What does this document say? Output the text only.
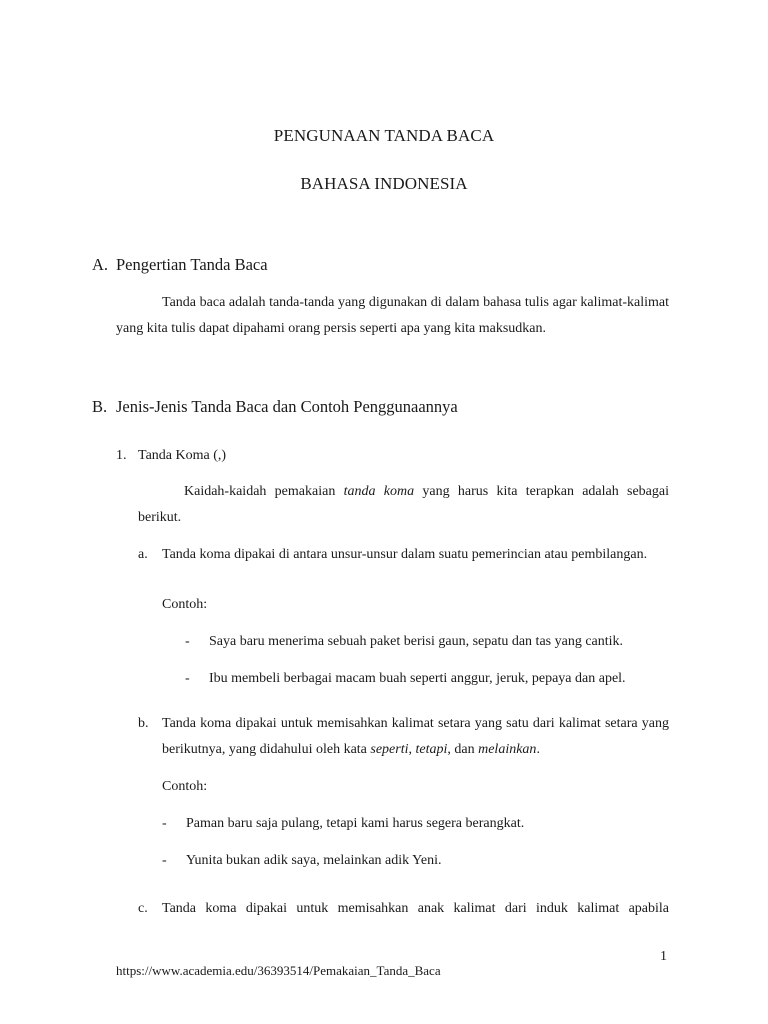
PENGUNAAN TANDA BACA
BAHASA INDONESIA
A. Pengertian Tanda Baca

Tanda baca adalah tanda-tanda yang digunakan di dalam bahasa tulis agar kalimat-kalimat yang kita tulis dapat dipahami orang persis seperti apa yang kita maksudkan.

B. Jenis-Jenis Tanda Baca dan Contoh Penggunaannya
1. Tanda Koma (,)

Kaidah-kaidah pemakaian tanda koma yang harus kita terapkan adalah sebagai berikut.

a. Tanda koma dipakai di antara unsur-unsur dalam suatu pemerincian atau pembilangan.
Contoh:
- Saya baru menerima sebuah paket berisi gaun, sepatu dan tas yang cantik.
- Ibu membeli berbagai macam buah seperti anggur, jeruk, pepaya dan apel.
b. Tanda koma dipakai untuk memisahkan kalimat setara yang satu dari kalimat setara yang berikutnya, yang didahului oleh kata seperti, tetapi, dan melainkan.
Contoh:
- Paman baru saja pulang, tetapi kami harus segera berangkat.
- Yunita bukan adik saya, melainkan adik Yeni.
c. Tanda koma dipakai untuk memisahkan anak kalimat dari induk kalimat apabila
1
https://www.academia.edu/36393514/Pemakaian_Tanda_Baca
